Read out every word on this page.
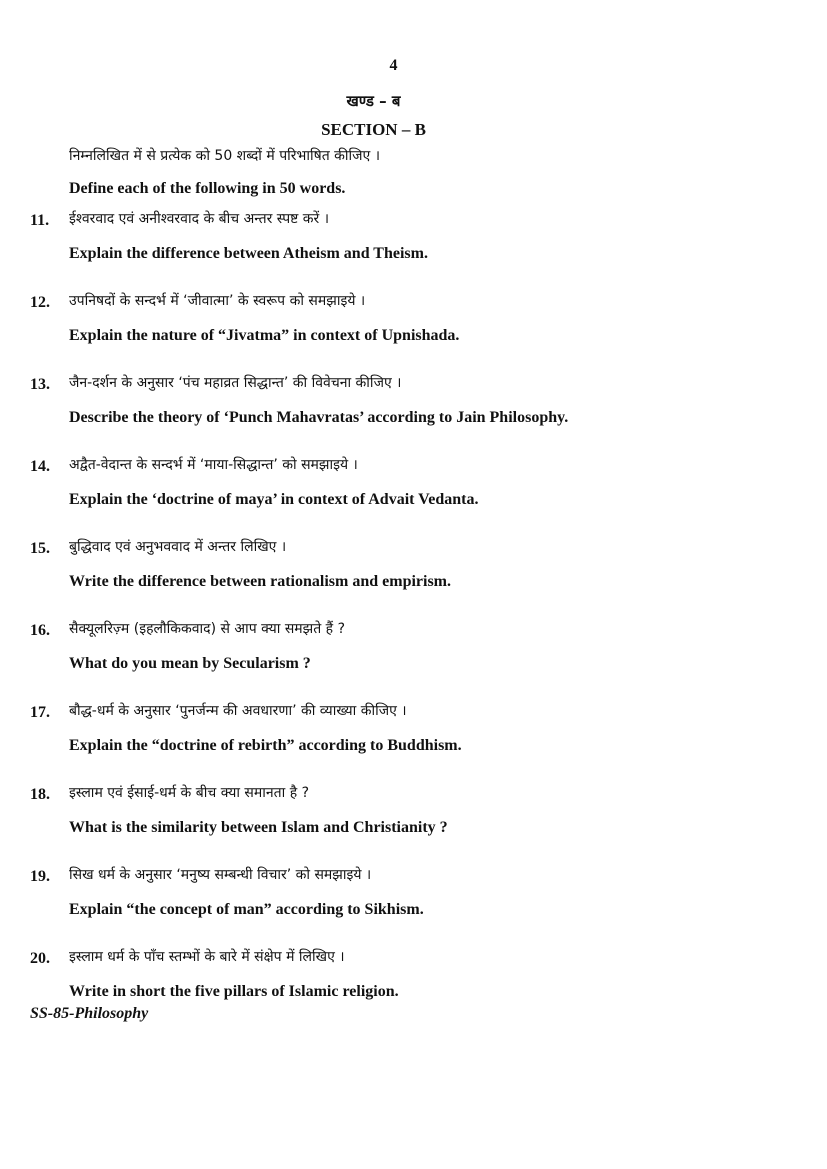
4
खण्ड – ब
SECTION – B
निम्नलिखित में से प्रत्येक को 50 शब्दों में परिभाषित कीजिए ।
Define each of the following in 50 words.
11. ईश्वरवाद एवं अनीश्वरवाद के बीच अन्तर स्पष्ट करें ।
Explain the difference between Atheism and Theism.
12. उपनिषदों के सन्दर्भ में ‘जीवात्मा’ के स्वरूप को समझाइये ।
Explain the nature of “Jivatma” in context of Upnishada.
13. जैन-दर्शन के अनुसार ‘पंच महाव्रत सिद्धान्त’ की विवेचना कीजिए ।
Describe the theory of ‘Punch Mahavratas’ according to Jain Philosophy.
14. अद्वैत-वेदान्त के सन्दर्भ में ‘माया-सिद्धान्त’ को समझाइये ।
Explain the ‘doctrine of maya’ in context of Advait Vedanta.
15. बुद्धिवाद एवं अनुभववाद में अन्तर लिखिए ।
Write the difference between rationalism and empirism.
16. सैक्यूलरिज़्म (इहलौकिकवाद) से आप क्या समझते हैं ?
What do you mean by Secularism ?
17. बौद्ध-धर्म के अनुसार ‘पुनर्जन्म की अवधारणा’ की व्याख्या कीजिए ।
Explain the “doctrine of rebirth” according to Buddhism.
18. इस्लाम एवं ईसाई-धर्म के बीच क्या समानता है ?
What is the similarity between Islam and Christianity ?
19. सिख धर्म के अनुसार ‘मनुष्य सम्बन्धी विचार’ को समझाइये ।
Explain “the concept of man” according to Sikhism.
20. इस्लाम धर्म के पाँच स्तम्भों के बारे में संक्षेप में लिखिए ।
Write in short the five pillars of Islamic religion.
SS-85-Philosophy
